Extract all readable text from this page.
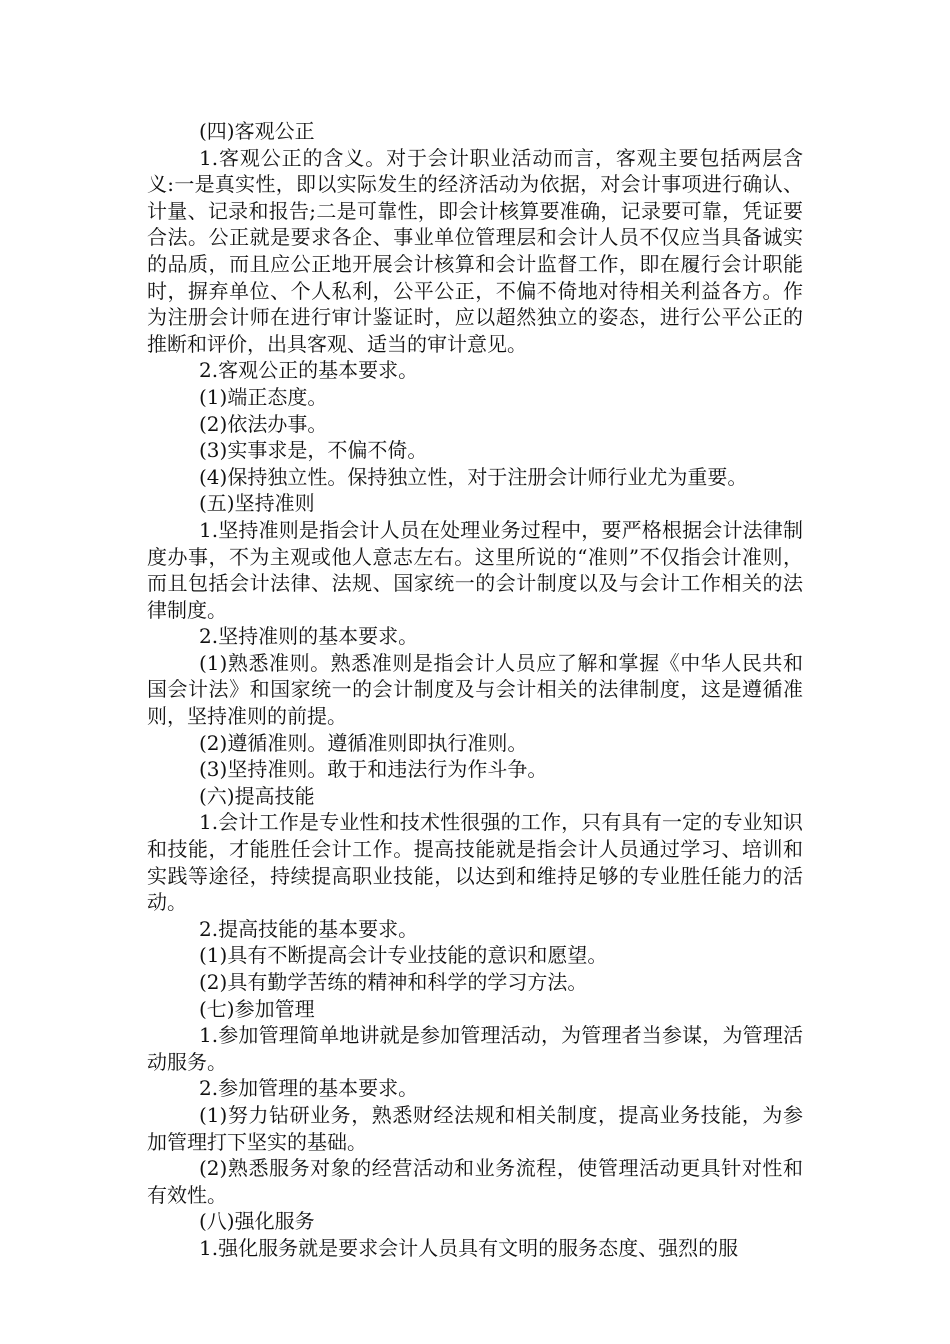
(四)客观公正

1.客观公正的含义。对于会计职业活动而言，客观主要包括两层含义:一是真实性，即以实际发生的经济活动为依据，对会计事项进行确认、计量、记录和报告;二是可靠性，即会计核算要准确，记录要可靠，凭证要合法。公正就是要求各企、事业单位管理层和会计人员不仅应当具备诚实的品质，而且应公正地开展会计核算和会计监督工作，即在履行会计职能时，摒弃单位、个人私利，公平公正，不偏不倚地对待相关利益各方。作为注册会计师在进行审计鉴证时，应以超然独立的姿态，进行公平公正的推断和评价，出具客观、适当的审计意见。

2.客观公正的基本要求。

(1)端正态度。

(2)依法办事。

(3)实事求是，不偏不倚。

(4)保持独立性。保持独立性，对于注册会计师行业尤为重要。

(五)坚持准则

1.坚持准则是指会计人员在处理业务过程中，要严格根据会计法律制度办事，不为主观或他人意志左右。这里所说的“准则”不仅指会计准则，而且包括会计法律、法规、国家统一的会计制度以及与会计工作相关的法律制度。

2.坚持准则的基本要求。

(1)熟悉准则。熟悉准则是指会计人员应了解和掌握《中华人民共和国会计法》和国家统一的会计制度及与会计相关的法律制度，这是遵循准则，坚持准则的前提。

(2)遵循准则。遵循准则即执行准则。

(3)坚持准则。敢于和违法行为作斗争。

(六)提高技能

1.会计工作是专业性和技术性很强的工作，只有具有一定的专业知识和技能，才能胜任会计工作。提高技能就是指会计人员通过学习、培训和实践等途径，持续提高职业技能，以达到和维持足够的专业胜任能力的活动。

2.提高技能的基本要求。

(1)具有不断提高会计专业技能的意识和愿望。

(2)具有勤学苦练的精神和科学的学习方法。

(七)参加管理

1.参加管理简单地讲就是参加管理活动，为管理者当参谋，为管理活动服务。

2.参加管理的基本要求。

(1)努力钻研业务，熟悉财经法规和相关制度，提高业务技能，为参加管理打下坚实的基础。

(2)熟悉服务对象的经营活动和业务流程，使管理活动更具针对性和有效性。

(八)强化服务

1.强化服务就是要求会计人员具有文明的服务态度、强烈的服
